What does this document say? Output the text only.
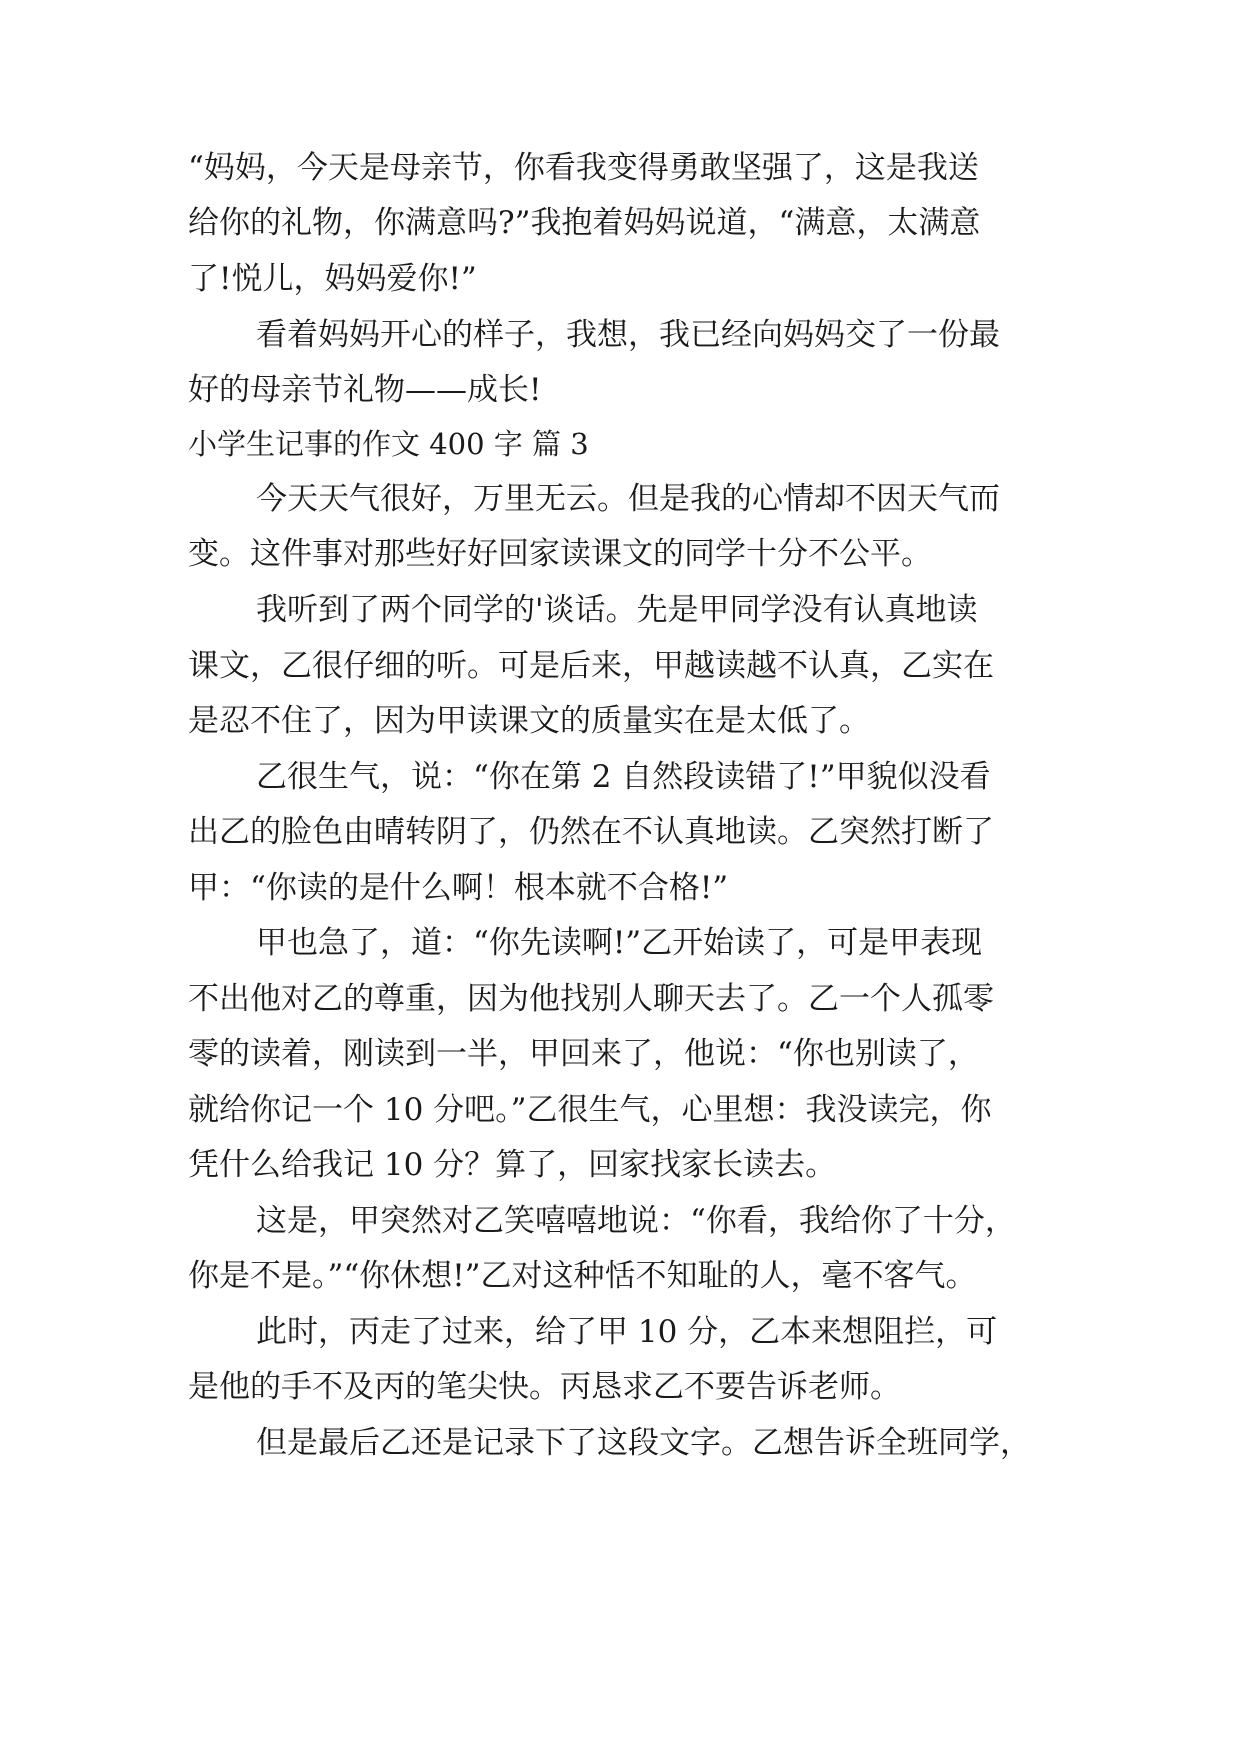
“妈妈，今天是母亲节，你看我变得勇敢坚强了，这是我送
给你的礼物，你满意吗?”我抱着妈妈说道，“满意，太满意
了!悦儿，妈妈爱你!”
看着妈妈开心的样子，我想，我已经向妈妈交了一份最
好的母亲节礼物——成长!
小学生记事的作文 400 字 篇 3
今天天气很好，万里无云。但是我的心情却不因天气而
变。这件事对那些好好回家读课文的同学十分不公平。
我听到了两个同学的'谈话。先是甲同学没有认真地读
课文，乙很仔细的听。可是后来，甲越读越不认真，乙实在
是忍不住了，因为甲读课文的质量实在是太低了。
乙很生气，说：“你在第 2 自然段读错了!”甲貌似没看
出乙的脸色由晴转阴了，仍然在不认真地读。乙突然打断了
甲：“你读的是什么啊！根本就不合格!”
甲也急了，道：“你先读啊!”乙开始读了，可是甲表现
不出他对乙的尊重，因为他找别人聊天去了。乙一个人孤零
零的读着，刚读到一半，甲回来了，他说：“你也别读了，
就给你记一个 10 分吧。”乙很生气，心里想：我没读完，你
凭什么给我记 10 分？算了，回家找家长读去。
这是，甲突然对乙笑嘻嘻地说：“你看，我给你了十分，
你是不是。”“你休想!”乙对这种恬不知耻的人，毫不客气。
此时，丙走了过来，给了甲 10 分，乙本来想阻拦，可
是他的手不及丙的笔尖快。丙恳求乙不要告诉老师。
但是最后乙还是记录下了这段文字。乙想告诉全班同学，
